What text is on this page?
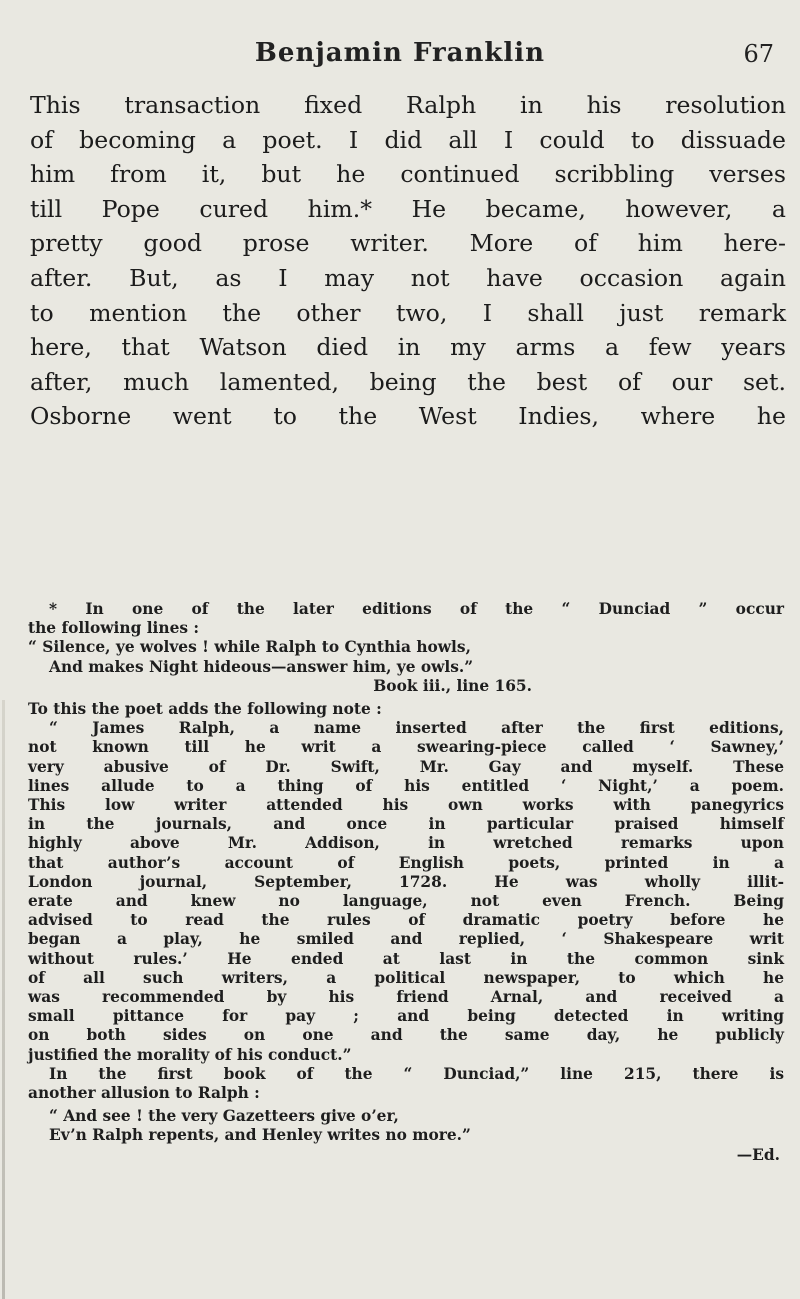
Benjamin Franklin	67
This transaction fixed Ralph in his resolution
of becoming a poet. I did all I could to dissuade
him from it, but he continued scribbling verses
till Pope cured him.* He became, however, a
pretty good prose writer. More of him here-
after. But, as I may not have occasion again
to mention the other two, I shall just remark
here, that Watson died in my arms a few years
after, much lamented, being the best of our set.
Osborne went to the West Indies, where he
* In one of the later editions of the “ Dunciad ” occur
the following lines :
“ Silence, ye wolves ! while Ralph to Cynthia howls,
And makes Night hideous—answer him, ye owls.”
Book iii., line 165.
To this the poet adds the following note :
“ James Ralph, a name inserted after the first editions,
not known till he writ a swearing-piece called ‘ Sawney,’
very abusive of Dr. Swift, Mr. Gay and myself. These
lines allude to a thing of his entitled ‘ Night,’ a poem.
This low writer attended his own works with panegyrics
in the journals, and once in particular praised himself
highly above Mr. Addison, in wretched remarks upon
that author’s account of English poets, printed in a
London journal, September, 1728. He was wholly illit-
erate and knew no language, not even French. Being
advised to read the rules of dramatic poetry before he
began a play, he smiled and replied, ‘ Shakespeare writ
without rules.’ He ended at last in the common sink
of all such writers, a political newspaper, to which he
was recommended by his friend Arnal, and received a
small pittance for pay ; and being detected in writing
on both sides on one and the same day, he publicly
justified the morality of his conduct.”
In the first book of the “ Dunciad,” line 215, there is
another allusion to Ralph :
“ And see ! the very Gazetteers give o’er,
Ev’n Ralph repents, and Henley writes no more.”
—Ed.
